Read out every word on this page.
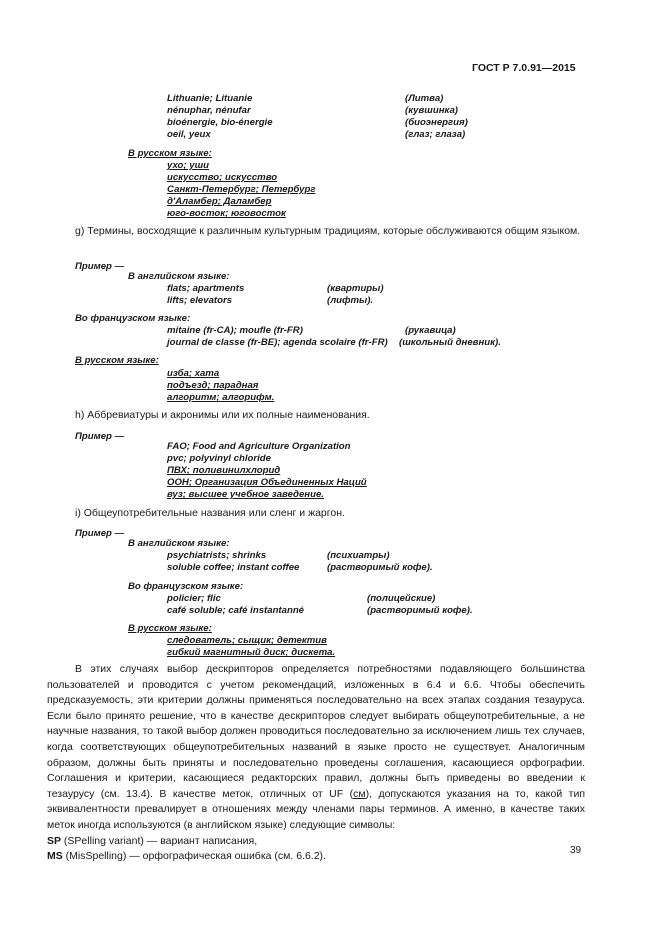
ГОСТ Р 7.0.91—2015
Lithuanie; Lituanie	(Литва)
nénuphar, nénufar	(кувшинка)
bioénergie, bio-énergie	(биоэнергия)
oeil, yeux	(глаз; глаза)
В русском языке:
ухо; уши
искусство; искусство
Санкт-Петербург; Петербург
д'Аламбер; Даламбер
юго-восток; юговосток
g) Термины, восходящие к различным культурным традициям, которые обслуживаются общим языком.
Пример —
В английском языке:
flats; apartments	(квартиры)
lifts; elevators	(лифты).
Во французском языке:
mitaine (fr-CA); moufle (fr-FR)	(рукавица)
journal de classe (fr-BE); agenda scolaire (fr-FR) (школьный дневник).
В русском языке:
изба; хата
подъезд; парадная
алгоритм; алгорифм.
h) Аббревиатуры и акронимы или их полные наименования.
Пример —
FAO; Food and Agriculture Organization
pvc; polyvinyl chloride
ПВХ; поливинилхлорид
ООН; Организация Объединенных Наций
вуз; высшее учебное заведение.
i) Общеупотребительные названия или сленг и жаргон.
Пример —
В английском языке:
psychiatrists; shrinks	(психиатры)
soluble coffee; instant coffee	(растворимый кофе).
Во французском языке:
policier; flic	(полицейские)
café soluble; café instantanné	(растворимый кофе).
В русском языке:
следователь; сыщик; детектив
гибкий магнитный диск; дискета.

В этих случаях выбор дескрипторов определяется потребностями подавляющего большинства пользователей и проводится с учетом рекомендаций, изложенных в 6.4 и 6.6. Чтобы обеспечить предсказуемость, эти критерии должны применяться последовательно на всех этапах создания тезауруса. Если было принято решение, что в качестве дескрипторов следует выбирать общеупотребительные, а не научные названия, то такой выбор должен проводиться последовательно за исключением лишь тех случаев, когда соответствующих общеупотребительных названий в языке просто не существует. Аналогичным образом, должны быть приняты и последовательно проведены соглашения, касающиеся орфографии. Соглашения и критерии, касающиеся редакторских правил, должны быть приведены во введении к тезаурусу (см. 13.4). В качестве меток, отличных от UF (см), допускаются указания на то, какой тип эквивалентности превалирует в отношениях между членами пары терминов. А именно, в качестве таких меток иногда используются (в английском языке) следующие символы:

SP (SPelling variant) — вариант написания,

MS (MisSpelling) — орфографическая ошибка (см. 6.6.2).	39
